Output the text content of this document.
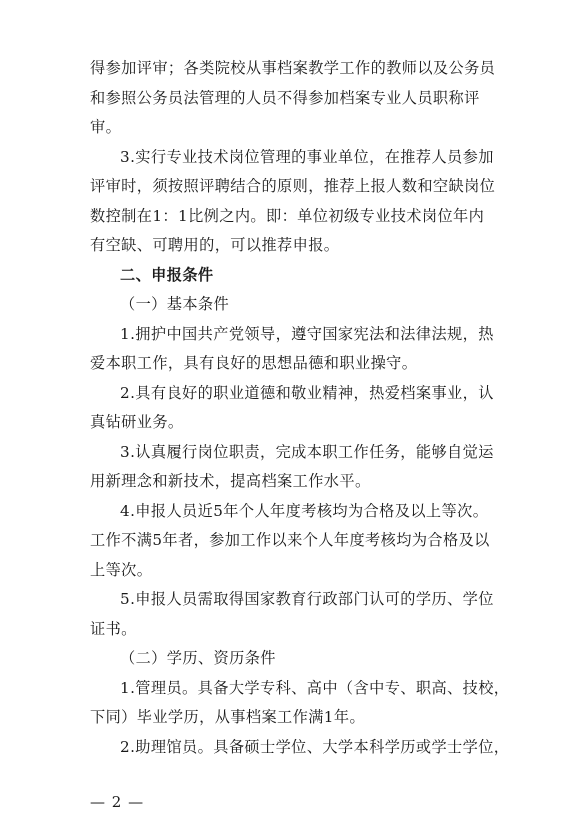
得参加评审；各类院校从事档案教学工作的教师以及公务员
和参照公务员法管理的人员不得参加档案专业人员职称评
审。
3.实行专业技术岗位管理的事业单位，在推荐人员参加
评审时，须按照评聘结合的原则，推荐上报人数和空缺岗位
数控制在1：1比例之内。即：单位初级专业技术岗位年内
有空缺、可聘用的，可以推荐申报。
二、申报条件
（一）基本条件
1.拥护中国共产党领导，遵守国家宪法和法律法规，热
爱本职工作，具有良好的思想品德和职业操守。
2.具有良好的职业道德和敬业精神，热爱档案事业，认
真钻研业务。
3.认真履行岗位职责，完成本职工作任务，能够自觉运
用新理念和新技术，提高档案工作水平。
4.申报人员近5年个人年度考核均为合格及以上等次。
工作不满5年者，参加工作以来个人年度考核均为合格及以
上等次。
5.申报人员需取得国家教育行政部门认可的学历、学位
证书。
（二）学历、资历条件
1.管理员。具备大学专科、高中（含中专、职高、技校，
下同）毕业学历，从事档案工作满1年。
2.助理馆员。具备硕士学位、大学本科学历或学士学位，
— 2 —
